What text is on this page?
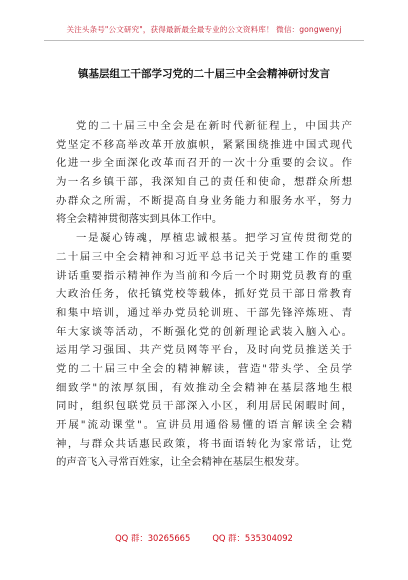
关注头条号"公文研究"，获得最新最全最专业的公文资料库！ 微信：gongwenyj
镇基层组工干部学习党的二十届三中全会精神研讨发言
党的二十届三中全会是在新时代新征程上，中国共产
党坚定不移高举改革开放旗帜，紧紧围绕推进中国式现代
化进一步全面深化改革而召开的一次十分重要的会议。作
为一名乡镇干部，我深知自己的责任和使命，想群众所想
办群众之所需，不断提高自身业务能力和服务水平，努力
将全会精神贯彻落实到具体工作中。
一是凝心铸魂，厚植忠诚根基。把学习宣传贯彻党的
二十届三中全会精神和习近平总书记关于党建工作的重要
讲话重要指示精神作为当前和今后一个时期党员教育的重
大政治任务，依托镇党校等载体，抓好党员干部日常教育
和集中培训，通过举办党员轮训班、干部先锋淬炼班、青
年大家谈等活动，不断强化党的创新理论武装入脑入心。
运用学习强国、共产党员网等平台，及时向党员推送关于
党的二十届三中全会的精神解读，营造"带头学、全员学
细致学"的浓厚氛围，有效推动全会精神在基层落地生根
同时，组织包联党员干部深入小区，利用居民闲暇时间，
开展"流动课堂"。宣讲员用通俗易懂的语言解读全会精
神，与群众共话惠民政策，将书面语转化为家常话，让党
的声音飞入寻常百姓家，让全会精神在基层生根发芽。
QQ 群：30265665	QQ 群：535304092
